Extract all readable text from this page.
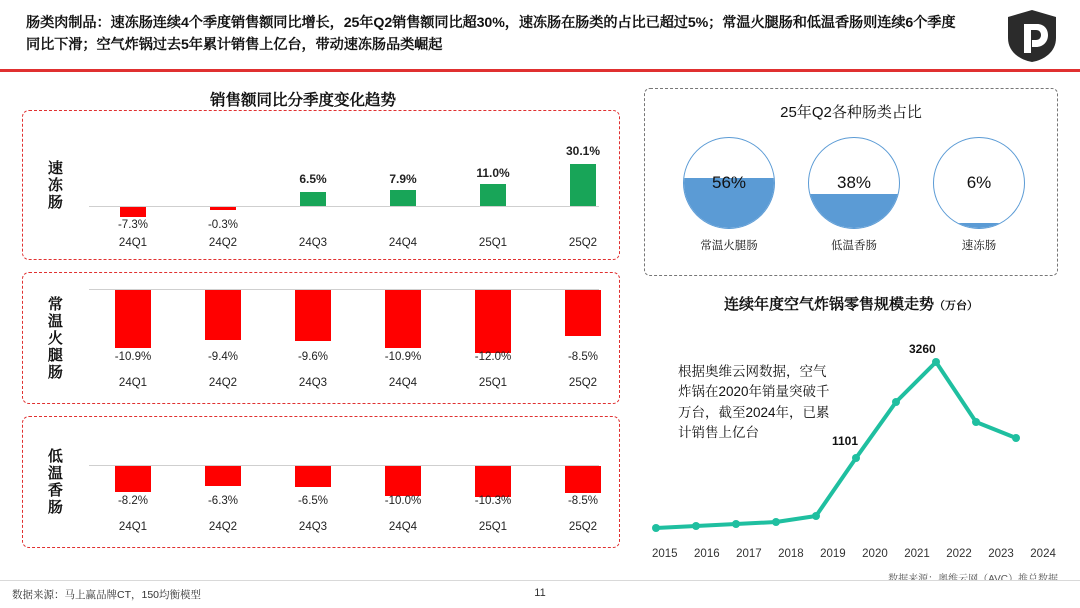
肠类肉制品：速冻肠连续4个季度销售额同比增长，25年Q2销售额同比超30%，速冻肠在肠类的占比已超过5%；常温火腿肠和低温香肠则连续6个季度同比下滑；空气炸锅过去5年累计销售上亿台，带动速冻肠品类崛起
销售额同比分季度变化趋势
速冻肠
-7.3%
24Q1
-0.3%
24Q2
6.5%
24Q3
7.9%
24Q4
11.0%
25Q1
30.1%
25Q2
常温火腿肠	-10.9%
24Q1
-9.4%
24Q2
-9.6%
24Q3
-10.9%
24Q4
-12.0%
25Q1
-8.5%
25Q2
低温香肠	-8.2%
24Q1
-6.3%
24Q2
-6.5%
24Q3
-10.0%
24Q4
-10.3%
25Q1
-8.5%
25Q2
25年Q2各种肠类占比
56%
常温火腿肠
38%
低温香肠
6%
速冻肠
连续年度空气炸锅零售规模走势（万台）
根据奥维云网数据，空气炸锅在2020年销量突破千万台，截至2024年，已累计销售上亿台
3260
1101
2015 2016 2017 2018 2019 2020 2021 2022 2023 2024
数据来源：马上赢品牌CT，150均衡模型	11
